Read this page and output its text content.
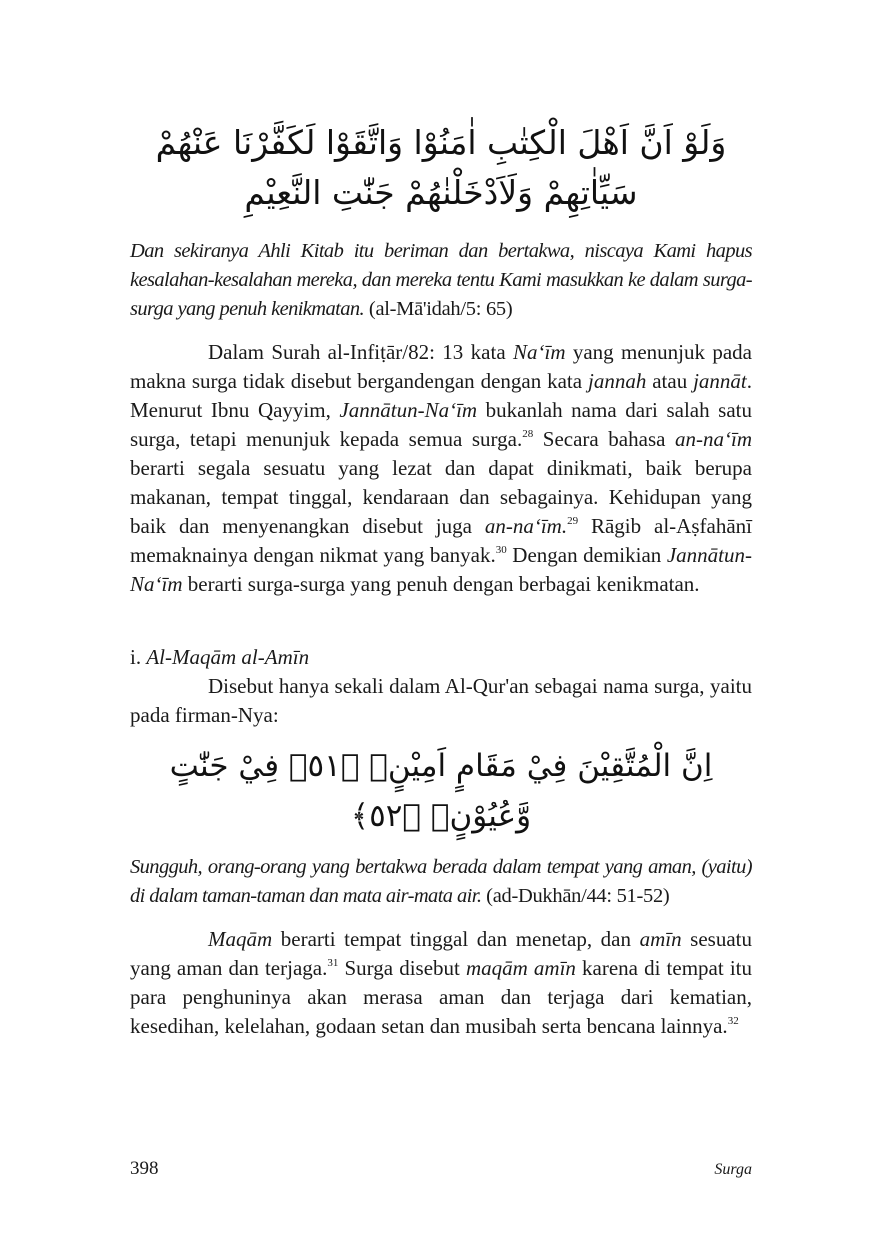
وَلَوْ اَنَّ اَهْلَ الْكِتٰبِ اٰمَنُوْا وَاتَّقَوْا لَكَفَّرْنَا عَنْهُمْ سَيِّاٰتِهِمْ وَلَاَدْخَلْنٰهُمْ جَنّٰتِ النَّعِيْمِ

Dan sekiranya Ahli Kitab itu beriman dan bertakwa, niscaya Kami hapus kesalahan-kesalahan mereka, dan mereka tentu Kami masukkan ke dalam surga-surga yang penuh kenikmatan. (al-Mā'idah/5: 65)

Dalam Surah al-Infiṭār/82: 13 kata Na‘īm yang menunjuk pada makna surga tidak disebut bergandengan dengan kata jannah atau jannāt. Menurut Ibnu Qayyim, Jannātun-Na‘īm bukanlah nama dari salah satu surga, tetapi menunjuk kepada semua surga.$^{28}$ Secara bahasa an-na‘īm berarti segala sesuatu yang lezat dan dapat dinikmati, baik berupa makanan, tempat tinggal, kendaraan dan sebagainya. Kehidupan yang baik dan menyenangkan disebut juga an-na‘īm.$^{29}$ Rāgib al-Aṣfahānī memaknainya dengan nikmat yang banyak.$^{30}$ Dengan demikian Jannātun-Na‘īm berarti surga-surga yang penuh dengan berbagai kenikmatan.

i. Al-Maqām al-Amīn

Disebut hanya sekali dalam Al-Qur'an sebagai nama surga, yaitu pada firman-Nya:

اِنَّ الْمُتَّقِيْنَ فِيْ مَقَامٍ اَمِيْنٍۙ ﴿٥١﴾ فِيْ جَنّٰتٍ وَّعُيُوْنٍۙ ﴿٥٢﴾

Sungguh, orang-orang yang bertakwa berada dalam tempat yang aman, (yaitu) di dalam taman-taman dan mata air-mata air. (ad-Dukhān/44: 51-52)

Maqām berarti tempat tinggal dan menetap, dan amīn sesuatu yang aman dan terjaga.$^{31}$ Surga disebut maqām amīn karena di tempat itu para penghuninya akan merasa aman dan terjaga dari kematian, kesedihan, kelelahan, godaan setan dan musibah serta bencana lainnya.$^{32}$

398	Surga
